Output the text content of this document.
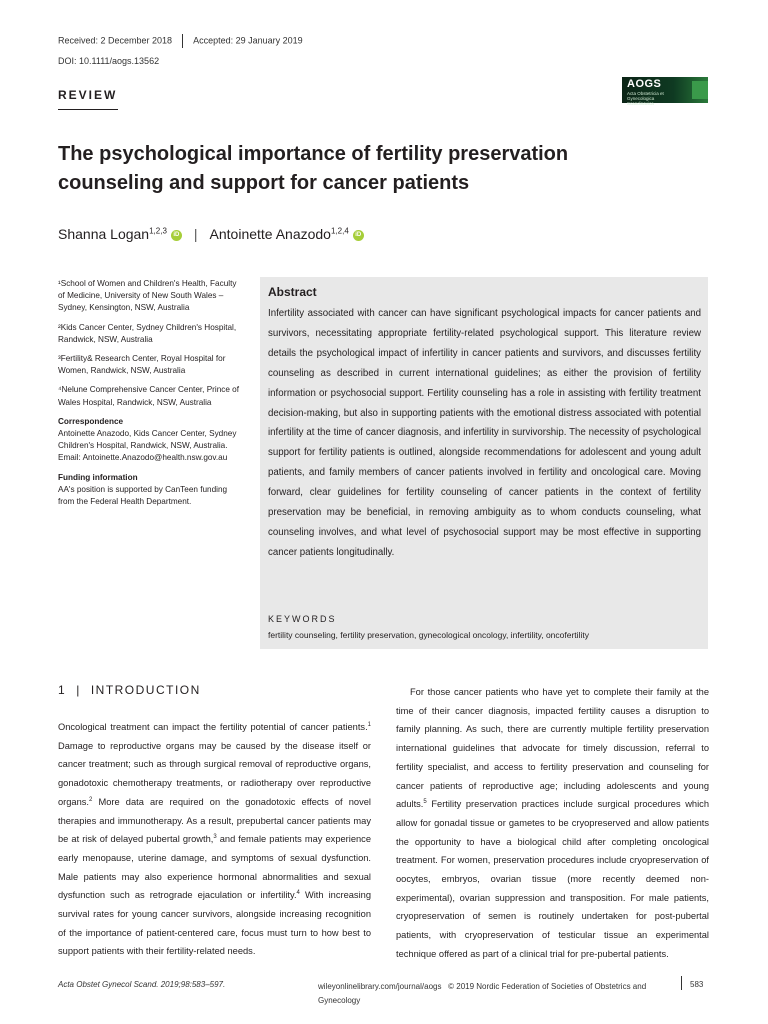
Received: 2 December 2018 Accepted: 29 January 2019
DOI: 10.1111/aogs.13562
REVIEW
AOGS
Acta Obstetricia et Gynecologica Scandinavica
The psychological importance of fertility preservation counseling and support for cancer patients
Shanna Logan$^{1,2,3}$ iD | Antoinette Anazodo$^{1,2,4}$ iD

¹School of Women and Children's Health, Faculty of Medicine, University of New South Wales – Sydney, Kensington, NSW, Australia

²Kids Cancer Center, Sydney Children's Hospital, Randwick, NSW, Australia

³Fertility& Research Center, Royal Hospital for Women, Randwick, NSW, Australia

⁴Nelune Comprehensive Cancer Center, Prince of Wales Hospital, Randwick, NSW, Australia

Correspondence

Antoinette Anazodo, Kids Cancer Center, Sydney Children's Hospital, Randwick, NSW, Australia.

Email: Antoinette.Anazodo@health.nsw.gov.au

Funding information

AA's position is supported by CanTeen funding from the Federal Health Department.

Abstract
Infertility associated with cancer can have significant psychological impacts for cancer patients and survivors, necessitating appropriate fertility-related psychological support. This literature review details the psychological impact of infertility in cancer patients and survivors, and discusses fertility counseling as described in current international guidelines; as either the provision of fertility information or psychosocial support. Fertility counseling has a role in assisting with fertility treatment decision-making, but also in supporting patients with the emotional distress associated with potential infertility at the time of cancer diagnosis, and infertility in survivorship. The necessity of psychological support for fertility patients is outlined, alongside recommendations for adolescent and young adult patients, and family members of cancer patients involved in fertility and oncological care. Moving forward, clear guidelines for fertility counseling of cancer patients in the context of fertility preservation may be beneficial, in removing ambiguity as to whom conducts counseling, what counseling involves, and what level of psychosocial support may be most effective in supporting cancer patients longitudinally.
KEYWORDS
fertility counseling, fertility preservation, gynecological oncology, infertility, oncofertility
1 | INTRODUCTION
Oncological treatment can impact the fertility potential of cancer patients.$^1$ Damage to reproductive organs may be caused by the disease itself or cancer treatment; such as through surgical removal of reproductive organs, gonadotoxic chemotherapy treatments, or radiotherapy over reproductive organs.$^2$ More data are required on the gonadotoxic effects of novel therapies and immunotherapy. As a result, prepubertal cancer patients may be at risk of delayed pubertal growth,$^3$ and female patients may experience early menopause, uterine damage, and symptoms of sexual dysfunction. Male patients may also experience hormonal abnormalities and sexual dysfunction such as retrograde ejaculation or infertility.$^4$ With increasing survival rates for young cancer survivors, alongside increasing recognition of the importance of patient-centered care, focus must turn to how best to support patients with their fertility-related needs.
For those cancer patients who have yet to complete their family at the time of their cancer diagnosis, impacted fertility causes a disruption to family planning. As such, there are currently multiple fertility preservation international guidelines that advocate for timely discussion, referral to fertility specialist, and access to fertility preservation and counseling for cancer patients of reproductive age; including adolescents and young adults.$^5$ Fertility preservation practices include surgical procedures which allow for gonadal tissue or gametes to be cryopreserved and allow patients the opportunity to have a biological child after completing oncological treatment. For women, preservation procedures include cryopreservation of oocytes, embryos, ovarian tissue (more recently deemed non-experimental), ovarian suppression and transposition. For male patients, cryopreservation of semen is routinely undertaken for post-pubertal patients, with cryopreservation of testicular tissue an experimental technique offered as part of a clinical trial for pre-pubertal patients.
Acta Obstet Gynecol Scand. 2019;98:583–597.	wileyonlinelibrary.com/journal/aogs © 2019 Nordic Federation of Societies of Obstetrics and Gynecology
583
